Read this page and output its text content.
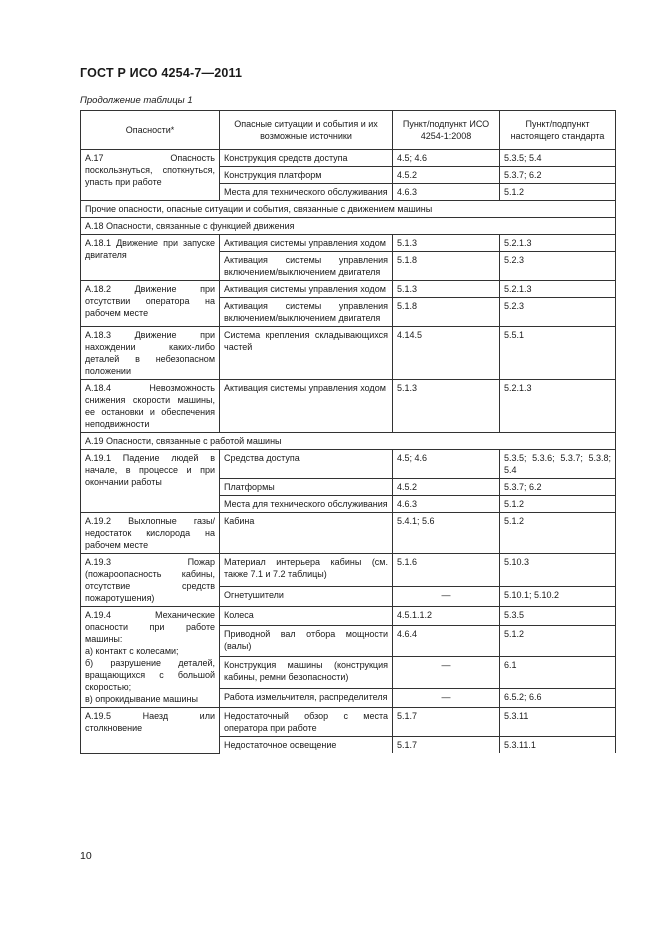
ГОСТ Р ИСО 4254-7—2011
Продолжение таблицы 1
Опасности*	Опасные ситуации и события и их возможные источники	Пункт/подпункт ИСО 4254-1:2008	Пункт/подпункт настоящего стандарта
А.17 Опасность поскользнуться, споткнуться, упасть при работе	Конструкция средств доступа	4.5; 4.6	5.3.5; 5.4
	Конструкция платформ	4.5.2	5.3.7; 6.2
	Места для технического обслуживания	4.6.3	5.1.2
Прочие опасности, опасные ситуации и события, связанные с движением машины			
А.18 Опасности, связанные с функцией движения			
А.18.1 Движение при запуске двигателя	Активация системы управления ходом	5.1.3	5.2.1.3
	Активация системы управления включением/выключением двигателя	5.1.8	5.2.3
А.18.2 Движение при отсутствии оператора на рабочем месте	Активация системы управления ходом	5.1.3	5.2.1.3
	Активация системы управления включением/выключением двигателя	5.1.8	5.2.3
А.18.3 Движение при нахождении каких-либо деталей в небезопасном положении	Система крепления складывающихся частей	4.14.5	5.5.1
А.18.4 Невозможность снижения скорости машины, ее остановки и обеспечения неподвижности	Активация системы управления ходом	5.1.3	5.2.1.3
А.19 Опасности, связанные с работой машины			
А.19.1 Падение людей в начале, в процессе и при окончании работы	Средства доступа	4.5; 4.6	5.3.5; 5.3.6; 5.3.7; 5.3.8; 5.4
	Платформы	4.5.2	5.3.7; 6.2
	Места для технического обслуживания	4.6.3	5.1.2
А.19.2 Выхлопные газы/недостаток кислорода на рабочем месте	Кабина	5.4.1; 5.6	5.1.2
А.19.3 Пожар (пожароопасность кабины, отсутствие средств пожаротушения)	Материал интерьера кабины (см. также 7.1 и 7.2 таблицы)	5.1.6	5.10.3
	Огнетушители	—	5.10.1; 5.10.2
А.19.4 Механические опасности при работе машины:
а) контакт с колесами;
б) разрушение деталей, вращающихся с большой скоростью;
в) опрокидывание машины	Колеса	4.5.1.1.2	5.3.5
	Приводной вал отбора мощности (валы)	4.6.4	5.1.2
	Конструкция машины (конструкция кабины, ремни безопасности)	—	6.1
	Работа измельчителя, распределителя	—	6.5.2; 6.6
А.19.5 Наезд или столкновение	Недостаточный обзор с места оператора при работе	5.1.7	5.3.11
	Недостаточное освещение	5.1.7	5.3.11.1
10
